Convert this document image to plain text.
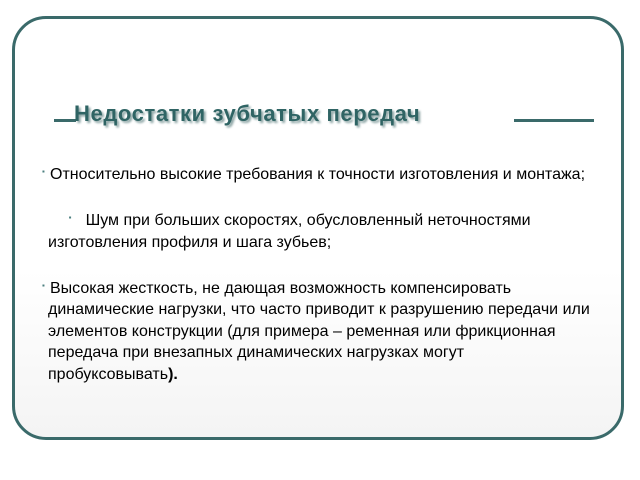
Недостатки зубчатых передач

▪ Относительно высокие требования к точности изготовления и монтажа;

▪  Шум при больших скоростях, обусловленный неточностями изготовления профиля и шага зубьев;

▪ Высокая жесткость, не дающая возможность компенсировать динамические нагрузки, что часто приводит к разрушению передачи или элементов конструкции (для примера – ременная или фрикционная передача при внезапных динамических нагрузках могут пробуксовывать).
